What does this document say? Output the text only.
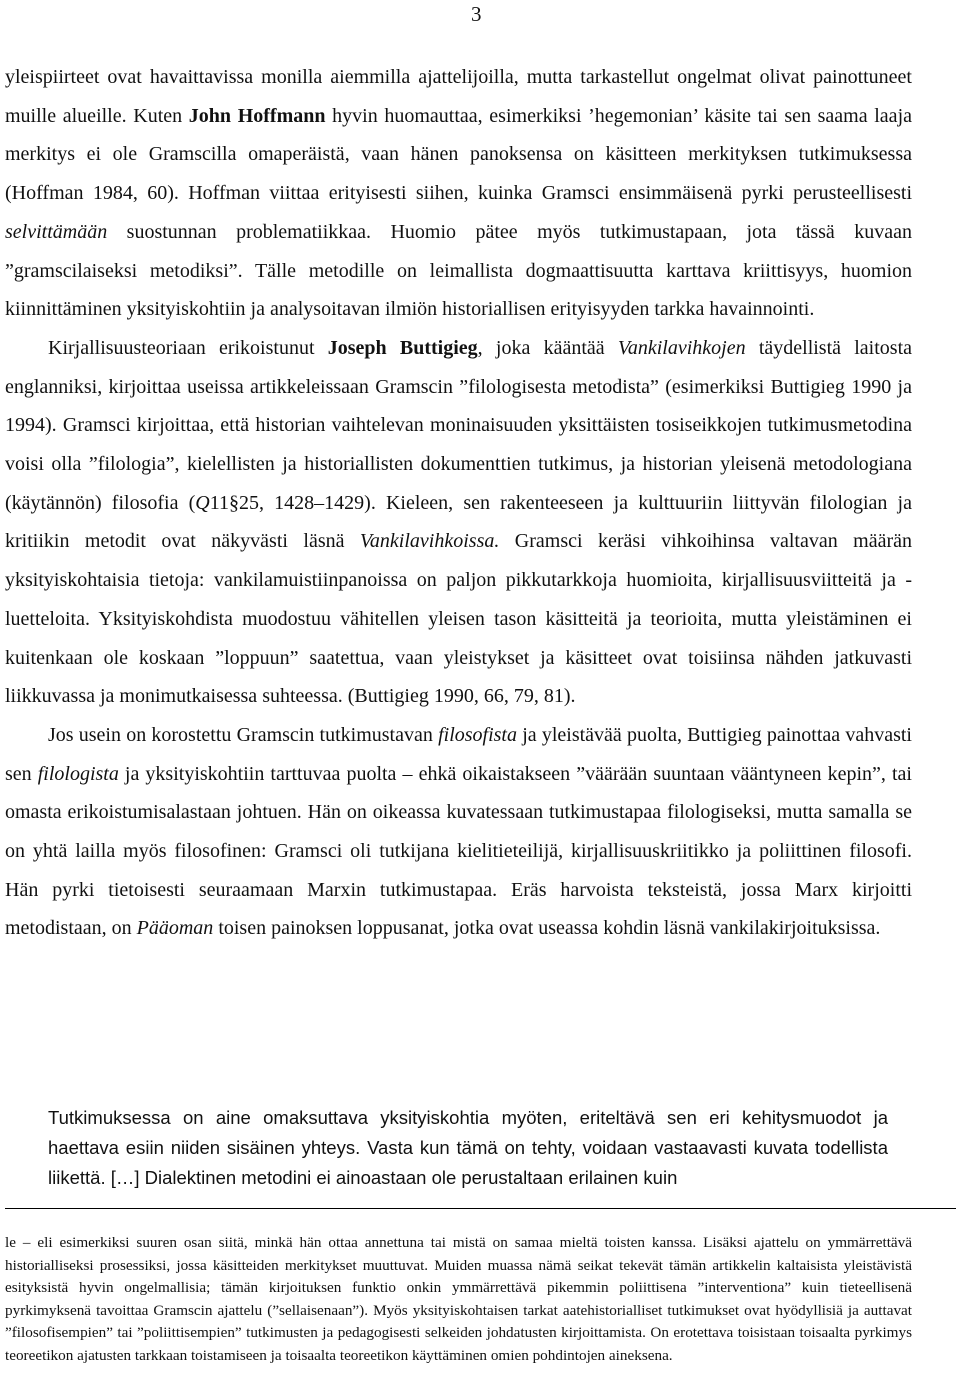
3

yleispiirteet ovat havaittavissa monilla aiemmilla ajattelijoilla, mutta tarkastellut ongelmat olivat painottuneet muille alueille. Kuten John Hoffmann hyvin huomauttaa, esimerkiksi ’hegemonian’ käsite tai sen saama laaja merkitys ei ole Gramscilla omaperäistä, vaan hänen panoksensa on käsitteen merkityksen tutkimuksessa (Hoffman 1984, 60). Hoffman viittaa erityisesti siihen, kuinka Gramsci ensimmäisenä pyrki perusteellisesti selvittämään suostunnan problematiikkaa. Huomio pätee myös tutkimustapaan, jota tässä kuvaan ”gramscilaiseksi metodiksi”. Tälle metodille on leimallista dogmaattisuutta karttava kriittisyys, huomion kiinnittäminen yksityiskohtiin ja analysoitavan ilmiön historiallisen erityisyyden tarkka havainnointi.

Kirjallisuusteoriaan erikoistunut Joseph Buttigieg, joka kääntää Vankilavihkojen täydellistä laitosta englanniksi, kirjoittaa useissa artikkeleissaan Gramscin ”filologisesta metodista” (esimerkiksi Buttigieg 1990 ja 1994). Gramsci kirjoittaa, että historian vaihtelevan moninaisuuden yksittäisten tosiseikkojen tutkimusmetodina voisi olla ”filologia”, kielellisten ja historiallisten dokumenttien tutkimus, ja historian yleisenä metodologiana (käytännön) filosofia (Q11§25, 1428–1429). Kieleen, sen rakenteeseen ja kulttuuriin liittyvän filologian ja kritiikin metodit ovat näkyvästi läsnä Vankilavihkoissa. Gramsci keräsi vihkoihinsa valtavan määrän yksityiskohtaisia tietoja: vankilamuistiinpanoissa on paljon pikkutarkkoja huomioita, kirjallisuusviitteitä ja -luetteloita. Yksityiskohdista muodostuu vähitellen yleisen tason käsitteitä ja teorioita, mutta yleistäminen ei kuitenkaan ole koskaan ”loppuun” saatettua, vaan yleistykset ja käsitteet ovat toisiinsa nähden jatkuvasti liikkuvassa ja monimutkaisessa suhteessa. (Buttigieg 1990, 66, 79, 81).

Jos usein on korostettu Gramscin tutkimustavan filosofista ja yleistävää puolta, Buttigieg painottaa vahvasti sen filologista ja yksityiskohtiin tarttuvaa puolta – ehkä oikaistakseen ”väärään suuntaan vääntyneen kepin”, tai omasta erikoistumisalastaan johtuen. Hän on oikeassa kuvatessaan tutkimustapaa filologiseksi, mutta samalla se on yhtä lailla myös filosofinen: Gramsci oli tutkijana kielitieteilijä, kirjallisuuskriitikko ja poliittinen filosofi. Hän pyrki tietoisesti seuraamaan Marxin tutkimustapaa. Eräs harvoista teksteistä, jossa Marx kirjoitti metodistaan, on Pääoman toisen painoksen loppusanat, jotka ovat useassa kohdin läsnä vankilakirjoituksissa.

Tutkimuksessa on aine omaksuttava yksityiskohtia myöten, eriteltävä sen eri kehitysmuodot ja haettava esiin niiden sisäinen yhteys. Vasta kun tämä on tehty, voidaan vastaavasti kuvata todellista liikettä. […] Dialektinen metodini ei ainoastaan ole perustaltaan erilainen kuin
le – eli esimerkiksi suuren osan siitä, minkä hän ottaa annettuna tai mistä on samaa mieltä toisten kanssa. Lisäksi ajattelu on ymmärrettävä historialliseksi prosessiksi, jossa käsitteiden merkitykset muuttuvat. Muiden muassa nämä seikat tekevät tämän artikkelin kaltaisista yleistävistä esityksistä hyvin ongelmallisia; tämän kirjoituksen funktio onkin ymmärrettävä pikemmin poliittisena ”interventiona” kuin tieteellisenä pyrkimyksenä tavoittaa Gramscin ajattelu (”sellaisenaan”). Myös yksityiskohtaisen tarkat aatehistorialliset tutkimukset ovat hyödyllisiä ja auttavat ”filosofisempien” tai ”poliittisempien” tutkimusten ja pedagogisesti selkeiden johdatusten kirjoittamista. On erotettava toisistaan toisaalta pyrkimys teoreetikon ajatusten tarkkaan toistamiseen ja toisaalta teoreetikon käyttäminen omien pohdintojen aineksena.
